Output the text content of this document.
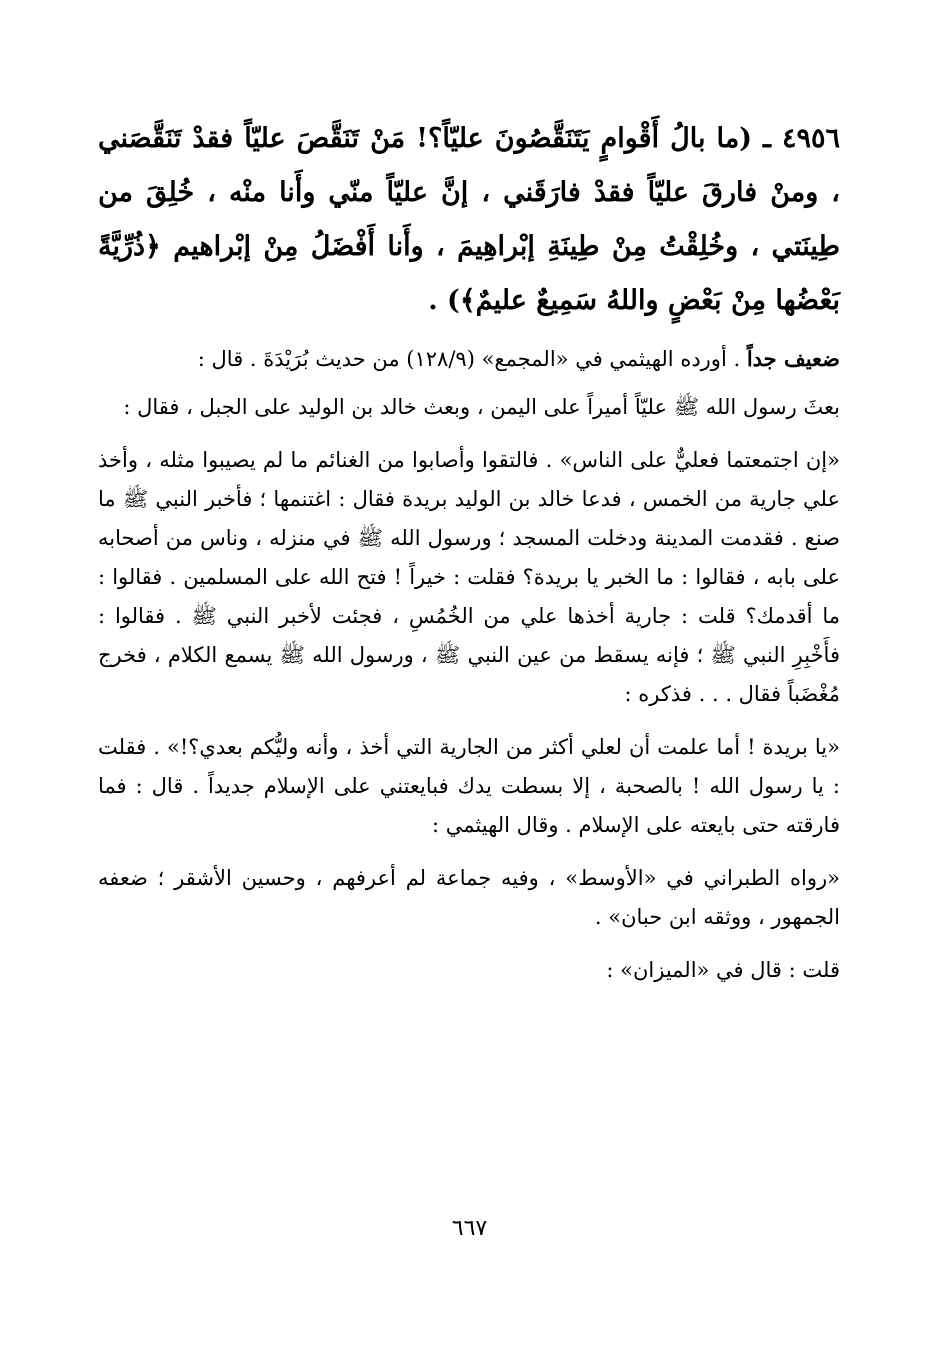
٤٩٥٦ ـ (ما بالُ أَقْوامٍ يَتَنَقَّصُونَ عليّاً؟! مَنْ تَنَقَّصَ عليّاً فقدْ تَنَقَّصَني ، ومنْ فارقَ عليّاً فقدْ فارَقَني ، إنَّ عليّاً منّي وأَنا منْه ، خُلِقَ من طِينَتي ، وخُلِقْتُ مِنْ طِينَةِ إبْراهِيمَ ، وأَنا أَفْضَلُ مِنْ إبْراهيم ﴿ذُرِّيَّةً بَعْضُها مِنْ بَعْضٍ واللهُ سَمِيعٌ عليمٌ﴾) .

ضعيف جداً . أورده الهيثمي في «المجمع» (١٢٨/٩) من حديث بُرَيْدَةَ . قال :

بعثَ رسول الله ﷺ عليّاً أميراً على اليمن ، وبعث خالد بن الوليد على الجبل ، فقال :

«إن اجتمعتما فعليٌّ على الناس» . فالتقوا وأصابوا من الغنائم ما لم يصيبوا مثله ، وأخذ علي جارية من الخمس ، فدعا خالد بن الوليد بريدة فقال : اغتنمها ؛ فأخبر النبي ﷺ ما صنع . فقدمت المدينة ودخلت المسجد ؛ ورسول الله ﷺ في منزله ، وناس من أصحابه على بابه ، فقالوا : ما الخبر يا بريدة؟ فقلت : خيراً ! فتح الله على المسلمين . فقالوا : ما أقدمك؟ قلت : جارية أخذها علي من الخُمُسِ ، فجئت لأخبر النبي ﷺ . فقالوا : فأَخْبِرِ النبي ﷺ ؛ فإنه يسقط من عين النبي ﷺ ، ورسول الله ﷺ يسمع الكلام ، فخرج مُغْضَباً فقال . . . فذكره :

«يا بريدة ! أما علمت أن لعلي أكثر من الجارية التي أخذ ، وأنه وليُّكم بعدي؟!» . فقلت : يا رسول الله ! بالصحبة ، إلا بسطت يدك فبايعتني على الإسلام جديداً . قال : فما فارقته حتى بايعته على الإسلام . وقال الهيثمي :

«رواه الطبراني في «الأوسط» ، وفيه جماعة لم أعرفهم ، وحسين الأشقر ؛ ضعفه الجمهور ، ووثقه ابن حبان» .

قلت : قال في «الميزان» :

٦٦٧
